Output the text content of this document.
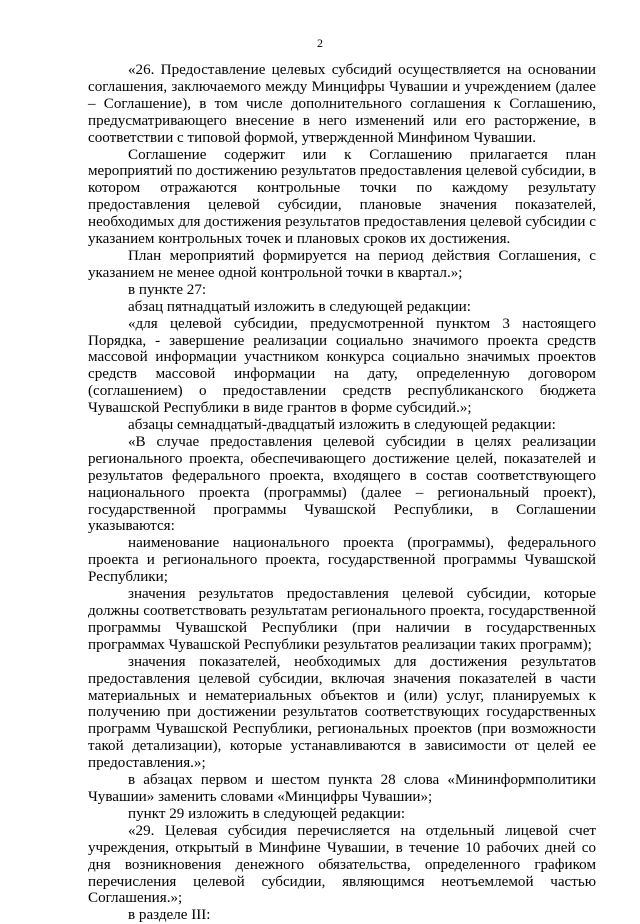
2

«26. Предоставление целевых субсидий осуществляется на основании соглашения, заключаемого между Минцифры Чувашии и учреждением (далее – Соглашение), в том числе дополнительного соглашения к Соглашению, предусматривающего внесение в него изменений или его расторжение, в соответствии с типовой формой, утвержденной Минфином Чувашии.

Соглашение содержит или к Соглашению прилагается план мероприятий по достижению результатов предоставления целевой субсидии, в котором отражаются контрольные точки по каждому результату предоставления целевой субсидии, плановые значения показателей, необходимых для достижения результатов предоставления целевой субсидии с указанием контрольных точек и плановых сроков их достижения.

План мероприятий формируется на период действия Соглашения, с указанием не менее одной контрольной точки в квартал.»;

в пункте 27:

абзац пятнадцатый изложить в следующей редакции:

«для целевой субсидии, предусмотренной пунктом 3 настоящего Порядка, - завершение реализации социально значимого проекта средств массовой информации участником конкурса социально значимых проектов средств массовой информации на дату, определенную договором (соглашением) о предоставлении средств республиканского бюджета Чувашской Республики в виде грантов в форме субсидий.»;

абзацы семнадцатый-двадцатый изложить в следующей редакции:

«В случае предоставления целевой субсидии в целях реализации регионального проекта, обеспечивающего достижение целей, показателей и результатов федерального проекта, входящего в состав соответствующего национального проекта (программы) (далее – региональный проект), государственной программы Чувашской Республики, в Соглашении указываются:

наименование национального проекта (программы), федерального проекта и регионального проекта, государственной программы Чувашской Республики;

значения результатов предоставления целевой субсидии, которые должны соответствовать результатам регионального проекта, государственной программы Чувашской Республики (при наличии в государственных программах Чувашской Республики результатов реализации таких программ);

значения показателей, необходимых для достижения результатов предоставления целевой субсидии, включая значения показателей в части материальных и нематериальных объектов и (или) услуг, планируемых к получению при достижении результатов соответствующих государственных программ Чувашской Республики, региональных проектов (при возможности такой детализации), которые устанавливаются в зависимости от целей ее предоставления.»;

в абзацах первом и шестом пункта 28 слова «Мининформполитики Чувашии» заменить словами «Минцифры Чувашии»;

пункт 29 изложить в следующей редакции:

«29. Целевая субсидия перечисляется на отдельный лицевой счет учреждения, открытый в Минфине Чувашии, в течение 10 рабочих дней со дня возникновения денежного обязательства, определенного графиком перечисления целевой субсидии, являющимся неотъемлемой частью Соглашения.»;

в разделе III:
